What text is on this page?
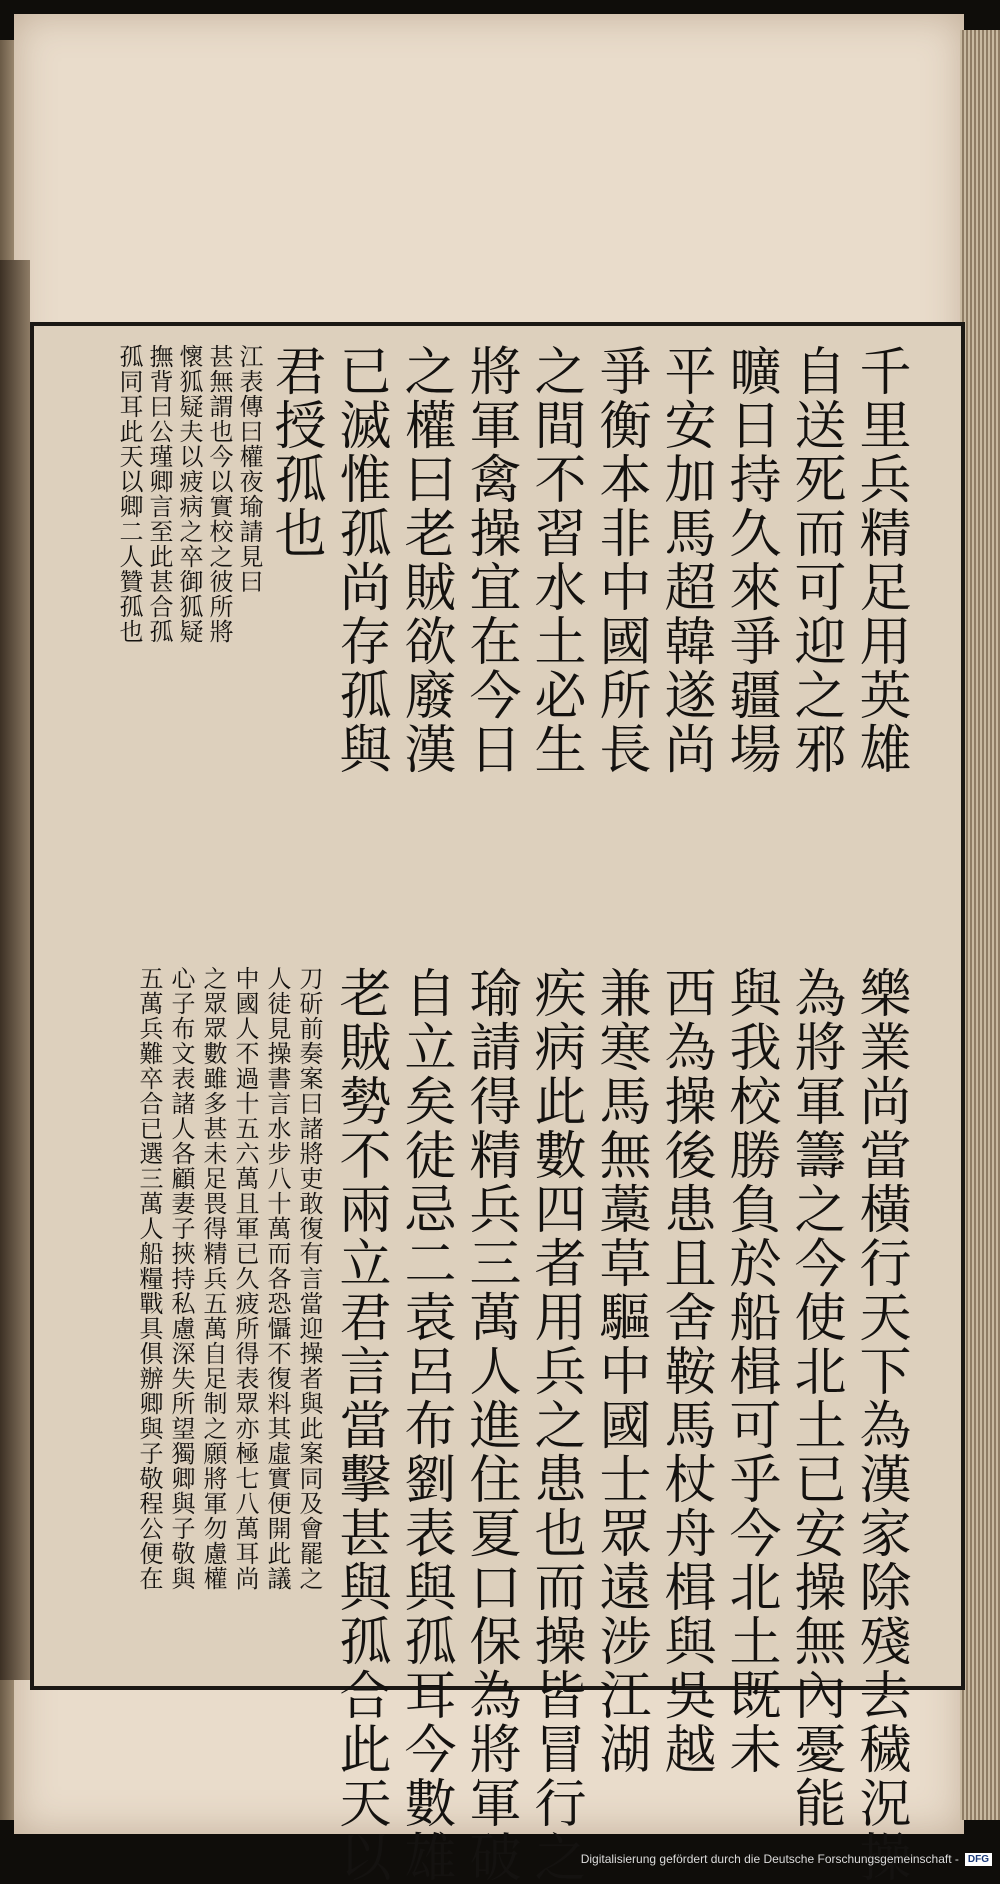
千里兵精足用英雄
自送死而可迎之邪
曠日持久來爭疆場
平安加馬超韓遂尚
爭衡本非中國所長
之間不習水土必生
將軍禽操宜在今日
之權曰老賊欲廢漢
已滅惟孤尚存孤與
君授孤也
江表傳曰權夜瑜請見曰
甚無謂也今以實校之彼所將
懷狐疑夫以疲病之卒御狐疑
撫背曰公瑾卿言至此甚合孤
孤同耳此天以卿二人贊孤也
樂業尚當橫行天下為漢家除殘去穢況操
為將軍籌之今使北土已安操無內憂能
與我校勝負於船楫可乎今北土既未
西為操後患且舍鞍馬杖舟楫與吳越
兼寒馬無藁草驅中國士眾遠涉江湖
疾病此數四者用兵之患也而操皆冒行之
瑜請得精兵三萬人進住夏口保為將軍破
自立矣徒忌二袁呂布劉表與孤耳今數雄
老賊勢不兩立君言當擊甚與孤合此天以
刀斫前奏案曰諸將吏敢復有言當迎操者與此案同及會罷之
人徒見操書言水步八十萬而各恐懾不復料其虛實便開此議
中國人不過十五六萬且軍已久疲所得表眾亦極七八萬耳尚
之眾眾數雖多甚未足畏得精兵五萬自足制之願將軍勿慮權
心子布文表諸人各顧妻子挾持私慮深失所望獨卿與子敬與
五萬兵難卒合已選三萬人船糧戰具俱辦卿與子敬程公便在
Digitalisierung gefördert durch die Deutsche Forschungsgemeinschaft - DFG
